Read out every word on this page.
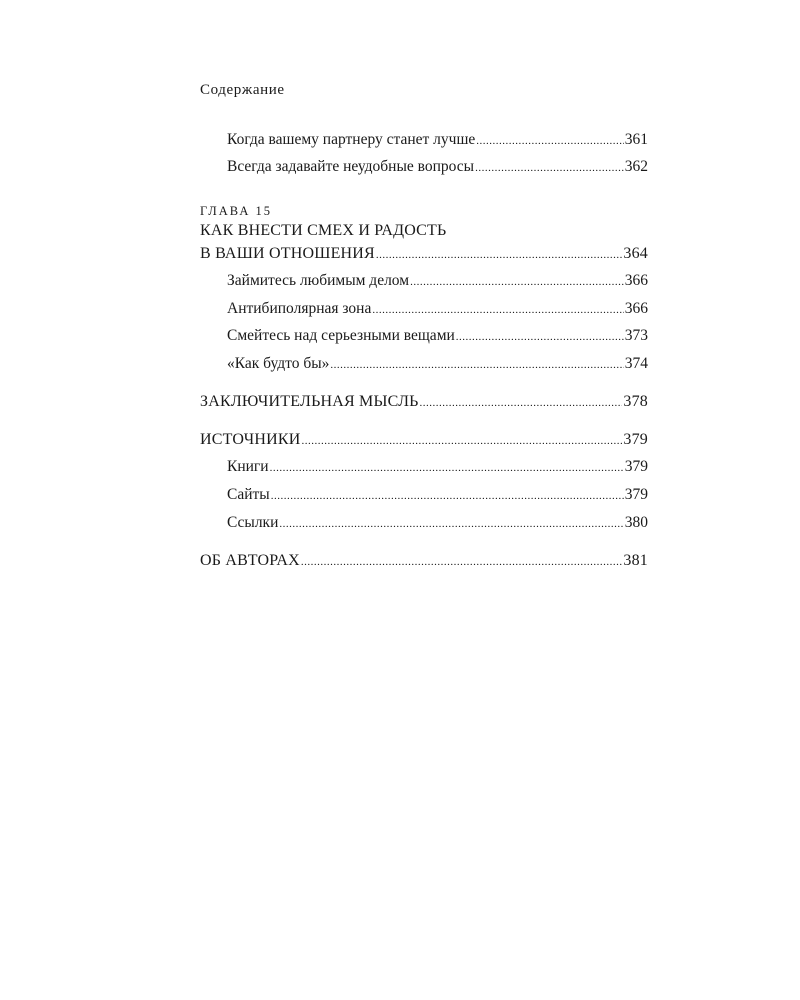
Содержание
Когда вашему партнеру станет лучше .....	361
Всегда задавайте неудобные вопросы .....	362
ГЛАВА 15
КАК ВНЕСТИ СМЕХ И РАДОСТЬ
В ВАШИ ОТНОШЕНИЯ .....	364
Займитесь любимым делом .....	366
Антибиполярная зона .....	366
Смейтесь над серьезными вещами .....	373
«Как будто бы» .....	374
ЗАКЛЮЧИТЕЛЬНАЯ МЫСЛЬ .....	378
ИСТОЧНИКИ .....	379
Книги .....	379
Сайты .....	379
Ссылки .....	380
ОБ АВТОРАХ .....	381
